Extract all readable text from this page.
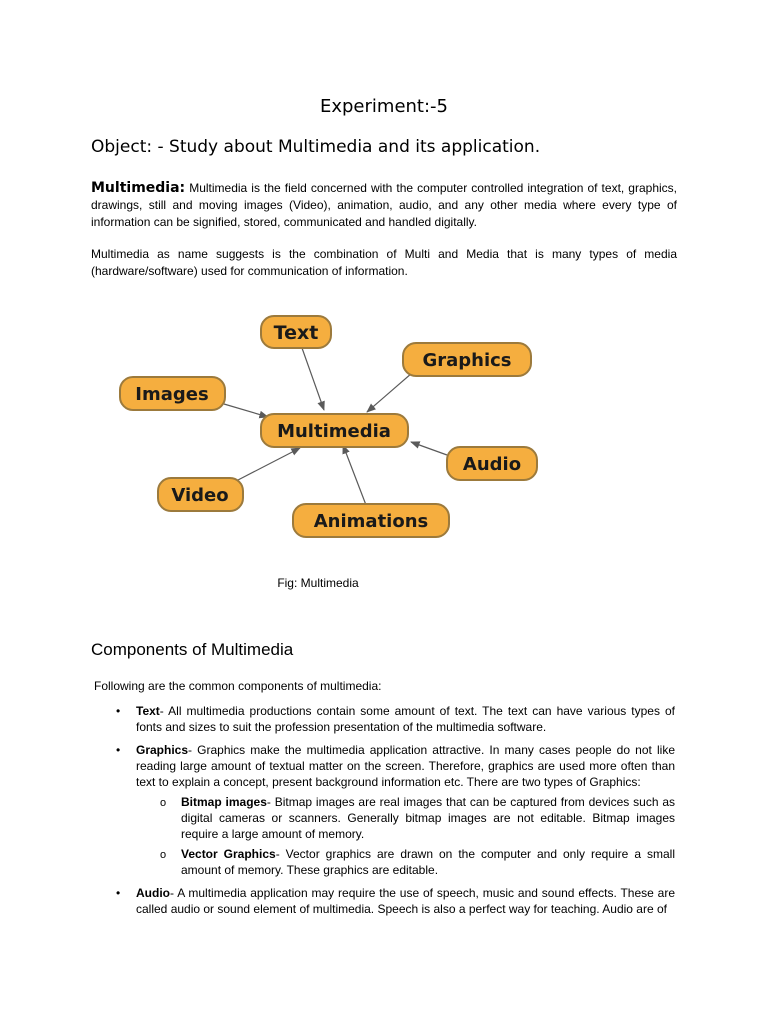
Experiment:-5
Object: - Study about Multimedia and its application.
Multimedia: Multimedia is the field concerned with the computer controlled integration of text, graphics, drawings, still and moving images (Video), animation, audio, and any other media where every type of information can be signified, stored, communicated and handled digitally.
Multimedia as name suggests is the combination of Multi and Media that is many types of media (hardware/software) used for communication of information.
Text
Graphics
Images
Multimedia
Audio
Video
Animations
Fig: Multimedia
Components of Multimedia
Following are the common components of multimedia:
• Text- All multimedia productions contain some amount of text. The text can have various types of fonts and sizes to suit the profession presentation of the multimedia software.
• Graphics- Graphics make the multimedia application attractive. In many cases people do not like reading large amount of textual matter on the screen. Therefore, graphics are used more often than text to explain a concept, present background information etc. There are two types of Graphics:
o Bitmap images- Bitmap images are real images that can be captured from devices such as digital cameras or scanners. Generally bitmap images are not editable. Bitmap images require a large amount of memory.
o Vector Graphics- Vector graphics are drawn on the computer and only require a small amount of memory. These graphics are editable.
• Audio- A multimedia application may require the use of speech, music and sound effects. These are called audio or sound element of multimedia. Speech is also a perfect way for teaching. Audio are of
